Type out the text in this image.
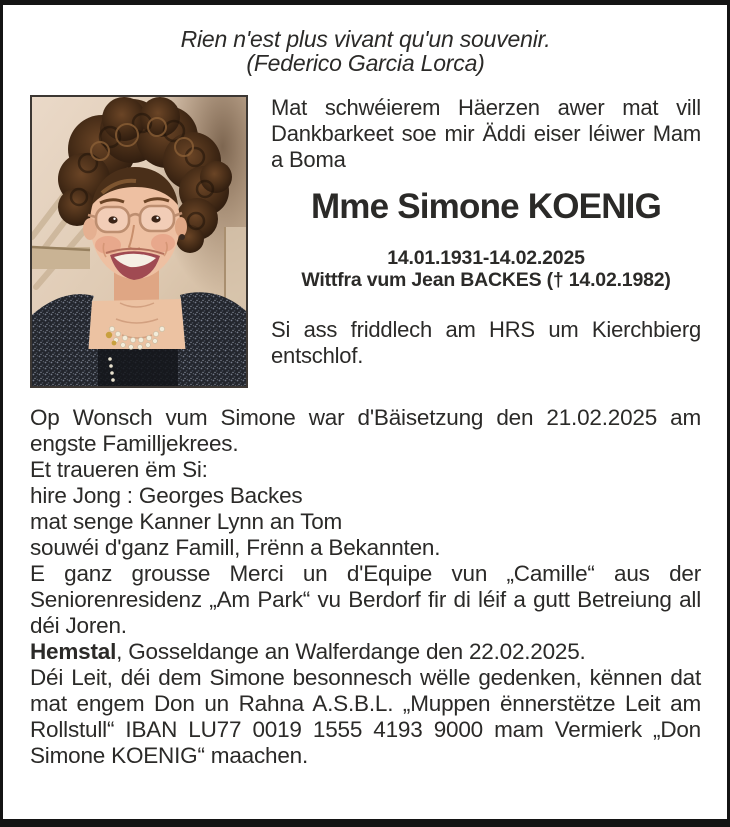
Rien n'est plus vivant qu'un souvenir.
(Federico Garcia Lorca)

Mat schwéierem Häerzen awer mat vill Dankbarkeet soe mir Äddi eiser léiwer Mam a Boma

Mme Simone KOENIG
14.01.1931-14.02.2025
Wittfra vum Jean BACKES († 14.02.1982)

Si ass friddlech am HRS um Kierchbierg entschlof.

Op Wonsch vum Simone war d'Bäisetzung den 21.02.2025 am engste Familljekrees.

Et traueren ëm Si:

hire Jong : Georges Backes
mat senge Kanner Lynn an Tom

souwéi d'ganz Famill, Frënn a Bekannten.

E ganz grousse Merci un d'Equipe vun „Camille“ aus der Seniorenresidenz „Am Park“ vu Berdorf fir di léif a gutt Betreiung all déi Joren.

Hemstal, Gosseldange an Walferdange den 22.02.2025.

Déi Leit, déi dem Simone besonnesch wëlle gedenken, kënnen dat mat engem Don un Rahna A.S.B.L. „Muppen ënnerstëtze Leit am Rollstull“ IBAN LU77 0019 1555 4193 9000 mam Vermierk „Don Simone KOENIG“ maachen.
